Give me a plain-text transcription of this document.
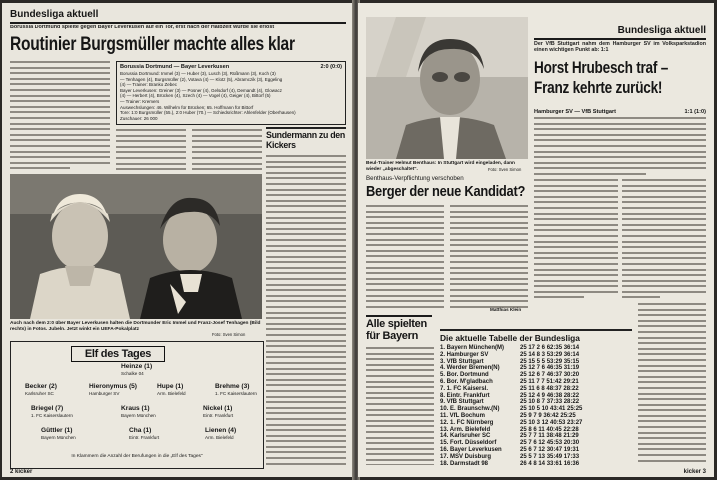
Bundesliga aktuell
Borussia Dortmund spielte gegen Bayer Leverkusen auf ein Tor, erst nach der Halbzeit wurde sie erlöst
Routinier Burgsmüller machte alles klar
Borussia Dortmund — Bayer Leverkusen	2:0 (0:0)
Borussia Dortmund: Immel (3) — Huber (3), Lusch (3), Rüßmann (3), Koch (3)
— Tenhagen (4), Burgsmüller (2), Votava (4) — Klotz (5), Abramczik (3), Eggeling
(4) — Trainer: Branko Zebec
Bayer Leverkusen: Greiner (3) — Posner (4), Gelsdorf (4), Demandt (4), Glowacz
(4) — Herbert (4), Brücken (4), Szech (4) — Vogel (4), Geiger (4), Bittorf (5)
— Trainer: Kremers
Auswechslungen: 46. Wilhelm für Brücken; 65. Hoffmann für Bittorf
Tore: 1:0 Burgsmüller (55.), 2:0 Huber (70.) — Schiedsrichter: Ahlenfelder (Oberhausen)
Zuschauer: 26 000
Sundermann zu den Kickers
Auch nach dem 2:0 über Bayer Leverkusen halten die Dortmunder Eric Immel und Franz-Josef Tenhagen (Bild rechts) in Fotos. Jubeln. Jetzt winkt ein UEFA-Pokalplatz
Foto: Sven Simon
Elf des Tages
Heinze (1)
Schalke 04
Becker (2)
Karlsruher SC
Hieronymus (5)
Hamburger SV
Hupe (1)
Arm. Bielefeld
Brehme (3)
1. FC Kaiserslautern
Briegel (7)
1. FC Kaiserslautern
Kraus (1)
Bayern München
Nickel (1)
Eintr. Frankfurt
Güttler (1)
Bayern München
Cha (1)
Eintr. Frankfurt
Lienen (4)
Arm. Bielefeld
In Klammern die Anzahl der Berufungen in die „Elf des Tages"
2 kicker
Bundesliga aktuell
Der VfB Stuttgart nahm dem Hamburger SV im Volksparkstadion einen wichtigen Punkt ab: 1:1
Horst Hrubesch traf –
Franz kehrte zurück!
Beul-Trainer Helmut Benthaus: In Stuttgart wird eingeladen, dann wieder „abgeschaltet".	Foto: Sven Simon
Hamburger SV — VfB Stuttgart	1:1 (1:0)
Benthaus-Verpflichtung verschoben
Berger der neue Kandidat?
Matthias Klein
Alle spielten für Bayern	Die aktuelle Tabelle der Bundesliga
1. Bayern München(M)	25 17 2 6 62:35 36:14
2. Hamburger SV	25 14 8 3 53:29 36:14
3. VfB Stuttgart	25 15 5 5 53:29 35:15
4. Werder Bremen(N)	25 12 7 6 46:35 31:19
5. Bor. Dortmund	25 12 6 7 46:37 30:20
6. Bor. M'gladbach	25 11 7 7 51:42 29:21
7. 1. FC Kaisersl.	25 11 6 8 48:37 28:22
8. Eintr. Frankfurt	25 12 4 9 46:38 28:22
9. VfB Stuttgart	25 10 8 7 37:33 28:22
10. E. Braunschw.(N)	25 10 5 10 43:41 25:25
11. VfL Bochum	25 9 7 9 36:42 25:25
12. 1. FC Nürnberg	25 10 3 12 40:53 23:27
13. Arm. Bielefeld	25 8 6 11 40:45 22:28
14. Karlsruher SC	25 7 7 11 38:48 21:29
15. Fort. Düsseldorf	25 7 6 12 45:53 20:30
16. Bayer Leverkusen	25 6 7 12 30:47 19:31
17. MSV Duisburg	25 5 7 13 35:49 17:33
18. Darmstadt 98	26 4 8 14 33:61 16:36
kicker 3
